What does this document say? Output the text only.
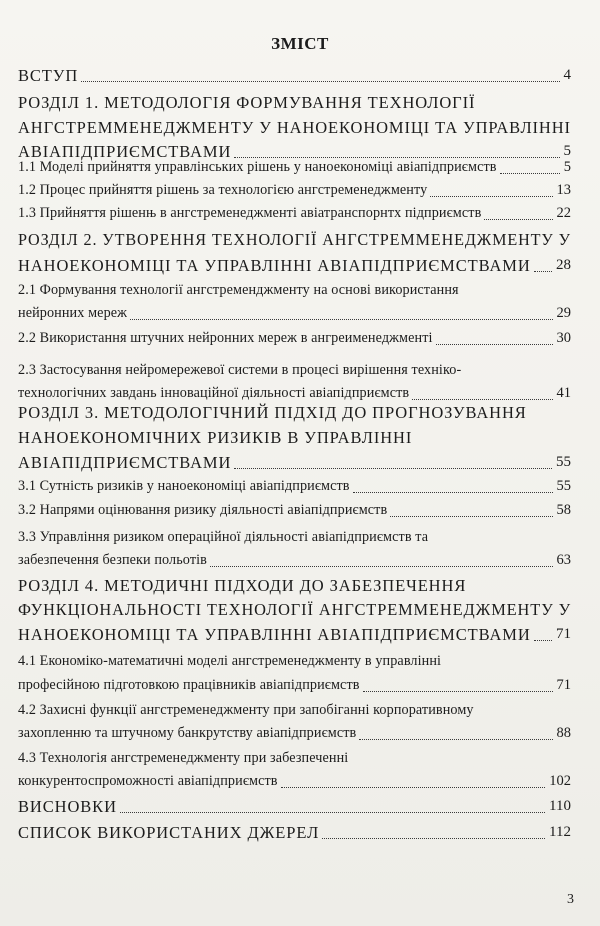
ЗМІСТ
ВСТУП	4
РОЗДІЛ 1. МЕТОДОЛОГІЯ ФОРМУВАННЯ ТЕХНОЛОГІЇ
АНГСТРЕММЕНЕДЖМЕНТУ У НАНОЕКОНОМІЦІ ТА УПРАВЛІННІ
АВІАПІДПРИЄМСТВАМИ	5
1.1 Моделі прийняття управлінських рішень у наноекономіці авіапідприємств	5
1.2 Процес прийняття рішень за технологією ангстременеджменту	13
1.3 Прийняття рішенњ в ангстременеджменті авіатранспорнтх підприємств	22
РОЗДІЛ 2. УТВОРЕННЯ ТЕХНОЛОГІЇ АНГСТРЕММЕНЕДЖМЕНТУ У
НАНОЕКОНОМІЦІ ТА УПРАВЛІННІ АВІАПІДПРИЄМСТВАМИ 28
2.1 Формування технології ангстременджменту на основі використання
нейронних мереж	29
2.2 Використання штучних нейронних мереж в ангреименеджменті	30
2.3 Застосування нейромережевої системи в процесі вирішення техніко-
технологічних завдань інноваційної діяльності авіапідприємств	41
РОЗДІЛ 3. МЕТОДОЛОГІЧНИЙ ПІДХІД ДО ПРОГНОЗУВАННЯ
НАНОЕКОНОМІЧНИХ РИЗИКІВ В УПРАВЛІННІ
АВІАПІДПРИЄМСТВАМИ	55
3.1 Сутність ризиків у наноекономіці авіапідприємств	55
3.2 Напрями оцінювання ризику діяльності авіапідприємств	58
3.3 Управління ризиком операційної діяльності авіапідприємств та
забезпечення безпеки польотів	63
РОЗДІЛ 4. МЕТОДИЧНІ ПІДХОДИ ДО ЗАБЕЗПЕЧЕННЯ
ФУНКЦІОНАЛЬНОСТІ ТЕХНОЛОГІЇ АНГСТРЕММЕНЕДЖМЕНТУ У
НАНОЕКОНОМІЦІ ТА УПРАВЛІННІ АВІАПІДПРИЄМСТВАМИ 71
4.1 Економіко-математичні моделі ангстременеджменту в управлінні
професійною підготовкою працівників авіапідприємств	71
4.2 Захисні функції ангстременеджменту при запобіганні корпоративному
захопленню та штучному банкрутству авіапідприємств	88
4.3 Технологія ангстременеджменту при забезпеченні
конкурентоспроможності авіапідприємств	102
ВИСНОВКИ	110
СПИСОК ВИКОРИСТАНИХ ДЖЕРЕЛ	112
3
